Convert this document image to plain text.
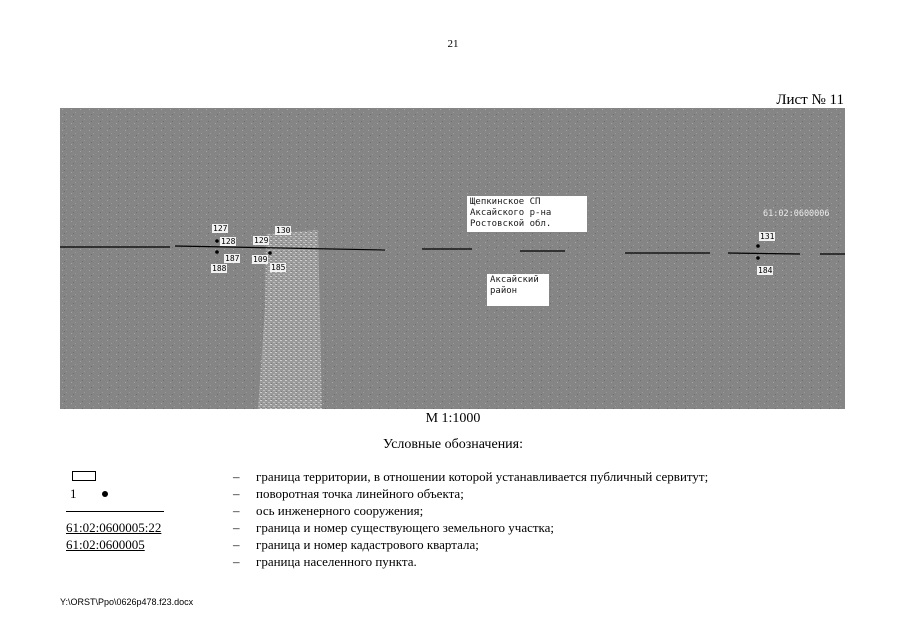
21
Лист № 11
Щепкинское СП
Аксайского р-на
Ростовской обл.
Аксайский
район
61:02:0600006
127
128
187
188
129
130
109
185
131
184
М 1:1000
Условные обозначения:
– граница территории, в отношении которой устанавливается публичный сервитут;
1	– поворотная точка линейного объекта;
– ось инженерного сооружения;
61:02:0600005:22	– граница и номер существующего земельного участка;
61:02:0600005	– граница и номер кадастрового квартала;
– граница населенного пункта.
Y:\ORST\Ppo\0626p478.f23.docx
